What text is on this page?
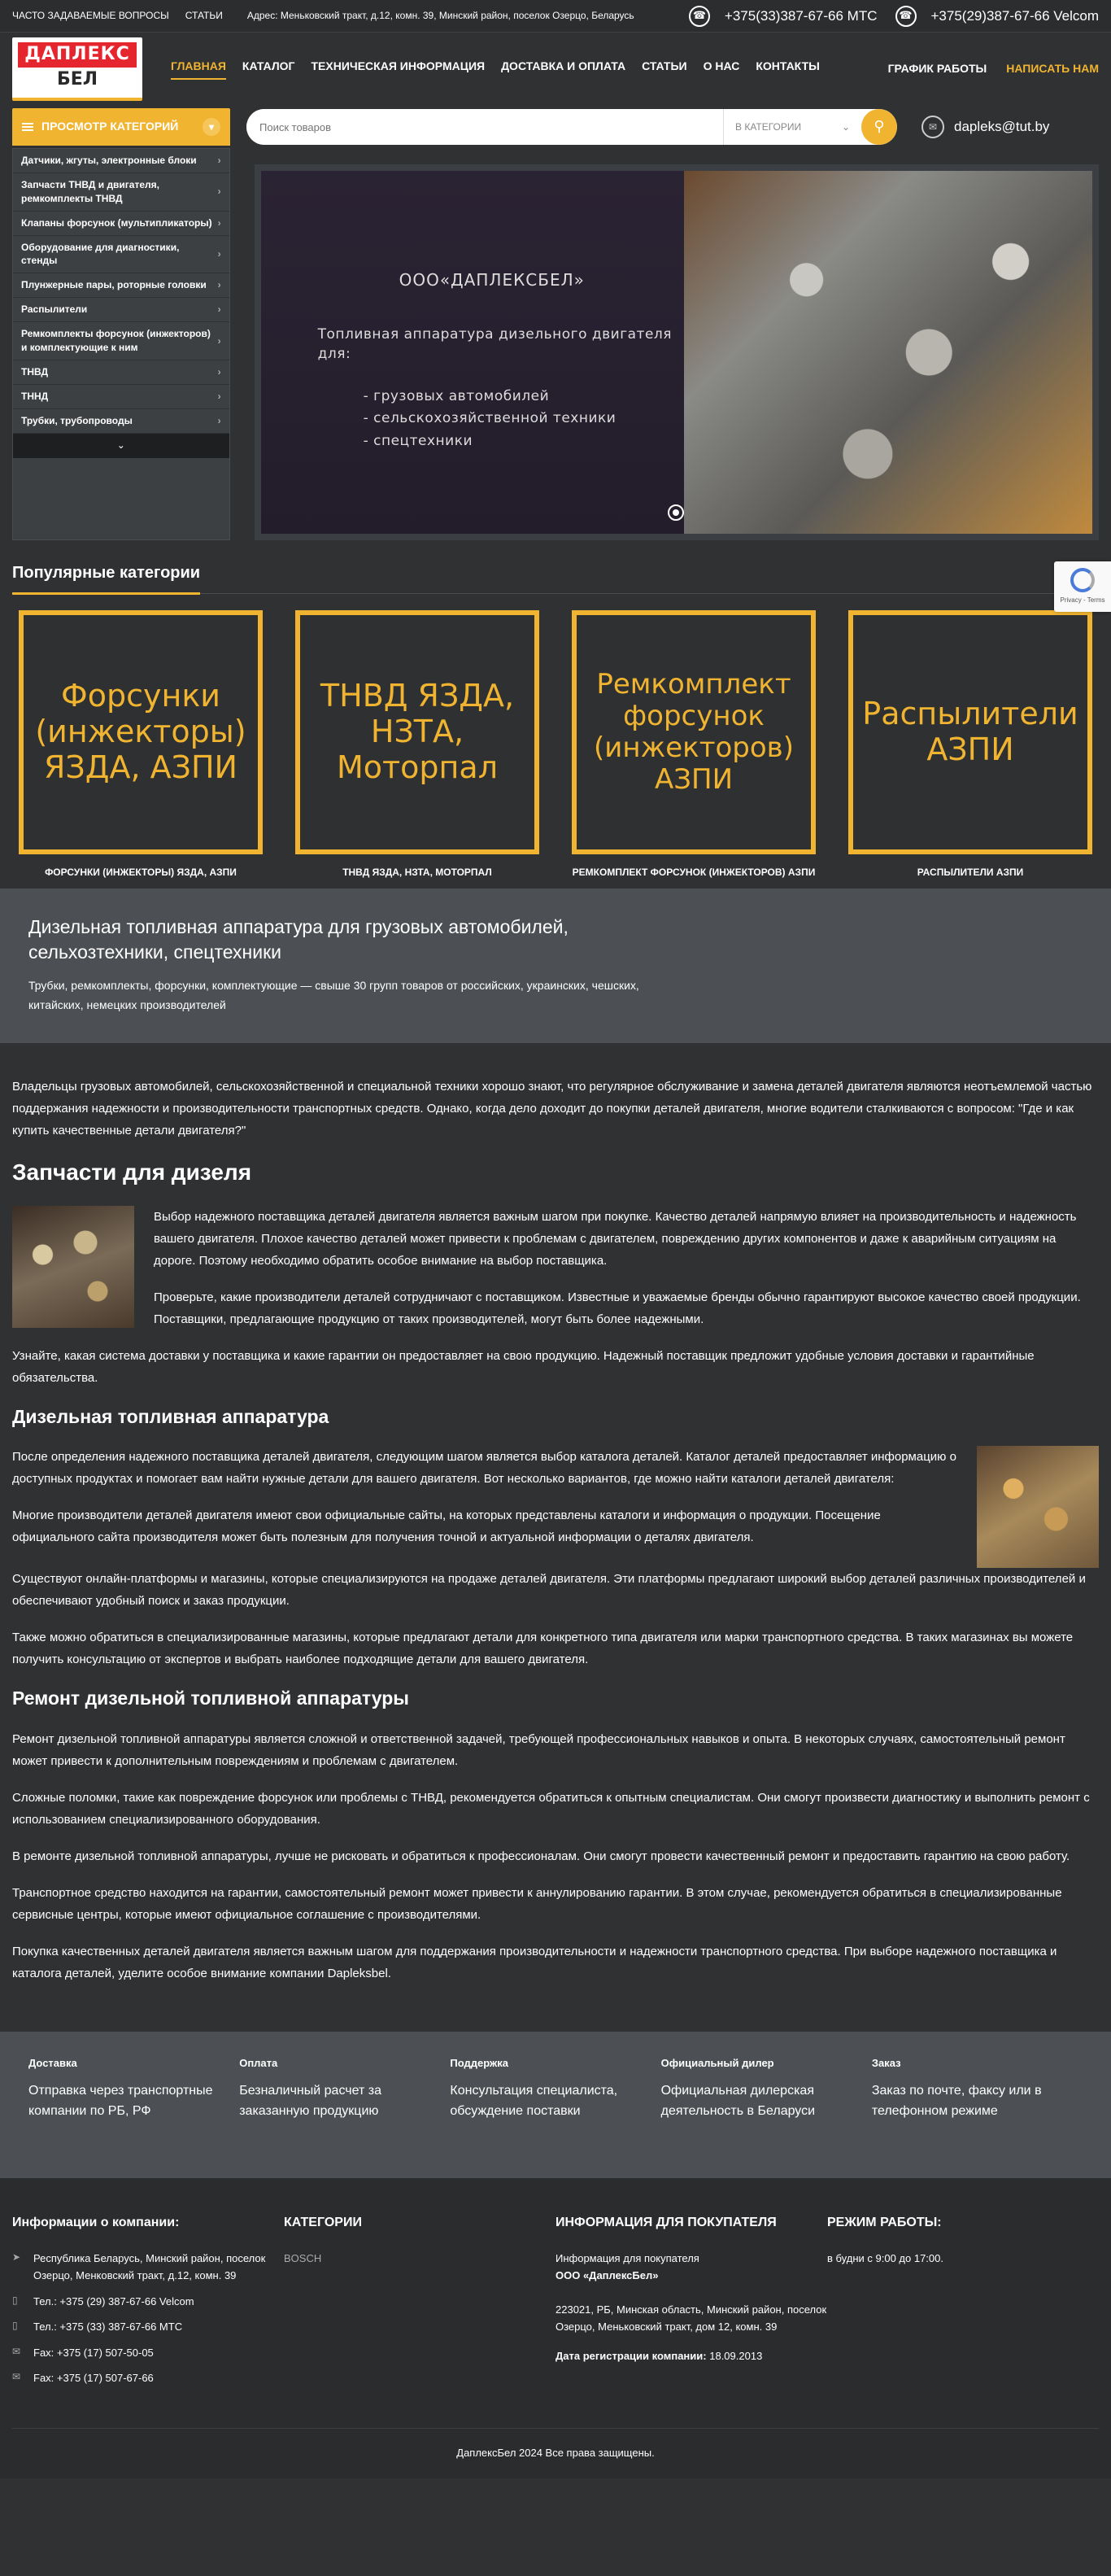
ЧАСТО ЗАДАВАЕМЫЕ ВОПРОСЫ СТАТЬИ	Адрес: Меньковский тракт, д.12, комн. 39, Минский район, поселок Озерцо, Беларусь	☎ +375(33)387-67-66 МТС	☎ +375(29)387-67-66 Velcom
ДАПЛЕКС
БЕЛ
ГЛАВНАЯ КАТАЛОГ ТЕХНИЧЕСКАЯ ИНФОРМАЦИЯ ДОСТАВКА И ОПЛАТА СТАТЬИ О НАС КОНТАКТЫ	ГРАФИК РАБОТЫ НАПИСАТЬ НАМ
ПРОСМОТР КАТЕГОРИЙ	▾
Поиск товаров	В КАТЕГОРИИ	⌄ ⚲	✉	dapleks@tut.by
Датчики, жгуты, электронные блоки ›
Запчасти ТНВД и двигателя, ремкомплекты ТНВД
›
Клапаны форсунок (мультипликаторы) ›
Оборудование для диагностики, стенды
›
Плунжерные пары, роторные головки ›
Распылители	›
Ремкомплекты форсунок (инжекторов) и комплектующие к ним
›
ТНВД	›
ТННД	›
Трубки, трубопроводы	›
⌄
ООО«ДАПЛЕКСБЕЛ»
Топливная аппаратура дизельного двигателя для:
- грузовых автомобилей
- сельскохозяйственной техники
- спецтехники
Privacy - Terms
Популярные категории
Форсунки (инжекторы) ЯЗДА, АЗПИ
ФОРСУНКИ (ИНЖЕКТОРЫ) ЯЗДА, АЗПИ
ТНВД ЯЗДА, НЗТА, Моторпал
ТНВД ЯЗДА, НЗТА, МОТОРПАЛ
Ремкомплект форсунок (инжекторов) АЗПИ
РЕМКОМПЛЕКТ ФОРСУНОК (ИНЖЕКТОРОВ) АЗПИ
Распылители АЗПИ
РАСПЫЛИТЕЛИ АЗПИ
Дизельная топливная аппаратура для грузовых автомобилей, сельхозтехники, спецтехники

Трубки, ремкомплекты, форсунки, комплектующие — свыше 30 групп товаров от российских, украинских, чешских, китайских, немецких производителей

Владельцы грузовых автомобилей, сельскохозяйственной и специальной техники хорошо знают, что регулярное обслуживание и замена деталей двигателя являются неотъемлемой частью поддержания надежности и производительности транспортных средств. Однако, когда дело доходит до покупки деталей двигателя, многие водители сталкиваются с вопросом: "Где и как купить качественные детали двигателя?"

Запчасти для дизеля

Выбор надежного поставщика деталей двигателя является важным шагом при покупке. Качество деталей напрямую влияет на производительность и надежность вашего двигателя. Плохое качество деталей может привести к проблемам с двигателем, повреждению других компонентов и даже к аварийным ситуациям на дороге. Поэтому необходимо обратить особое внимание на выбор поставщика.

Проверьте, какие производители деталей сотрудничают с поставщиком. Известные и уважаемые бренды обычно гарантируют высокое качество своей продукции. Поставщики, предлагающие продукцию от таких производителей, могут быть более надежными.

Узнайте, какая система доставки у поставщика и какие гарантии он предоставляет на свою продукцию. Надежный поставщик предложит удобные условия доставки и гарантийные обязательства.

Дизельная топливная аппаратура

После определения надежного поставщика деталей двигателя, следующим шагом является выбор каталога деталей. Каталог деталей предоставляет информацию о доступных продуктах и помогает вам найти нужные детали для вашего двигателя. Вот несколько вариантов, где можно найти каталоги деталей двигателя:

Многие производители деталей двигателя имеют свои официальные сайты, на которых представлены каталоги и информация о продукции. Посещение официального сайта производителя может быть полезным для получения точной и актуальной информации о деталях двигателя.

Существуют онлайн-платформы и магазины, которые специализируются на продаже деталей двигателя. Эти платформы предлагают широкий выбор деталей различных производителей и обеспечивают удобный поиск и заказ продукции.

Также можно обратиться в специализированные магазины, которые предлагают детали для конкретного типа двигателя или марки транспортного средства. В таких магазинах вы можете получить консультацию от экспертов и выбрать наиболее подходящие детали для вашего двигателя.

Ремонт дизельной топливной аппаратуры

Ремонт дизельной топливной аппаратуры является сложной и ответственной задачей, требующей профессиональных навыков и опыта. В некоторых случаях, самостоятельный ремонт может привести к дополнительным повреждениям и проблемам с двигателем.

Сложные поломки, такие как повреждение форсунок или проблемы с ТНВД, рекомендуется обратиться к опытным специалистам. Они смогут произвести диагностику и выполнить ремонт с использованием специализированного оборудования.

В ремонте дизельной топливной аппаратуры, лучше не рисковать и обратиться к профессионалам. Они смогут провести качественный ремонт и предоставить гарантию на свою работу.

Транспортное средство находится на гарантии, самостоятельный ремонт может привести к аннулированию гарантии. В этом случае, рекомендуется обратиться в специализированные сервисные центры, которые имеют официальное соглашение с производителями.

Покупка качественных деталей двигателя является важным шагом для поддержания производительности и надежности транспортного средства. При выборе надежного поставщика и каталога деталей, уделите особое внимание компании Dapleksbel.

Доставка
Отправка через транспортные компании по РБ, РФ
Оплата
Безналичный расчет за заказанную продукцию
Поддержка
Консультация специалиста, обсуждение поставки
Официальный дилер
Официальная дилерская деятельность в Беларуси
Заказ
Заказ по почте, факсу или в телефонном режиме
Информации о компании:
➤	Республика Беларусь, Минский район, поселок Озерцо, Менковский тракт, д.12, комн. 39
▯	Тел.: +375 (29) 387-67-66 Velcom
▯	Тел.: +375 (33) 387-67-66 МТС
✉	Fax: +375 (17) 507-50-05
✉	Fax: +375 (17) 507-67-66
КАТЕГОРИИ
BOSCH
ИНФОРМАЦИЯ ДЛЯ ПОКУПАТЕЛЯ
Информация для покупателя
ООО «ДаплексБел»
223021, РБ, Минская область, Минский район, поселок Озерцо, Меньковский тракт, дом 12, комн. 39
Дата регистрации компании: 18.09.2013
РЕЖИМ РАБОТЫ:
в будни с 9:00 до 17:00.
ДаплексБел 2024 Все права защищены.
